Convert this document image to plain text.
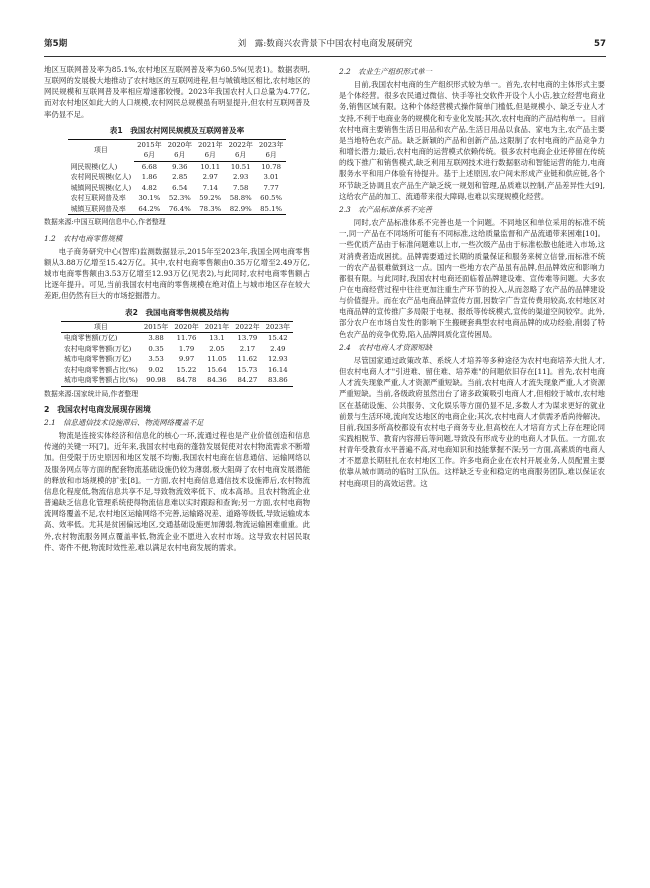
第5期	刘　露:数商兴农背景下中国农村电商发展研究	57

地区互联网普及率为85.1%,农村地区互联网普及率为60.5%(见表1)。数据表明,互联网的发展极大地推动了农村地区的互联网进程,但与城镇地区相比,农村地区的网民规模和互联网普及率相应增速都较慢。2023年我国农村人口总量为4.77亿,而对农村地区如此大的人口规模,农村网民总规模虽有明显提升,但农村互联网普及率仍显不足。

表1　我国农村网民规模及互联网普及率
项目	2015年	2020年	2021年	2022年	2023年
	6月	6月	6月	6月	6月
网民规模(亿人)	6.68	9.36	10.11	10.51	10.78
农村网民规模(亿人)	1.86	2.85	2.97	2.93	3.01
城镇网民规模(亿人)	4.82	6.54	7.14	7.58	7.77
农村互联网普及率	30.1%	52.3%	59.2%	58.8%	60.5%
城镇互联网普及率	64.2%	76.4%	78.3%	82.9%	85.1%
数据来源:中国互联网信息中心,作者整理
1.2　农村电商零售规模

电子商务研究中心(智库)监测数据显示,2015年至2023年,我国全网电商零售额从3.88万亿增至15.42万亿。其中,农村电商零售额由0.35万亿增至2.49万亿,城市电商零售额由3.53万亿增至12.93万亿(见表2),与此同时,农村电商零售额占比逐年提升。可见,当前我国农村电商的零售规模在绝对值上与城市地区存在较大差距,但仍然有巨大的市场挖掘潜力。

表2　我国电商零售规模及结构
项目	2015年	2020年	2021年	2022年	2023年
电商零售额(万亿)	3.88	11.76	13.1	13.79	15.42
农村电商零售额(万亿)	0.35	1.79	2.05	2.17	2.49
城市电商零售额(万亿)	3.53	9.97	11.05	11.62	12.93
农村电商零售额占比(%)	9.02	15.22	15.64	15.73	16.14
城市电商零售额占比(%)	90.98	84.78	84.36	84.27	83.86
数据来源:国家统计局,作者整理
2　我国农村电商发展现存困境
2.1　信息通信技术设施滞后、物流网络覆盖不足

物流是连接实体经济和信息化的核心一环,流通过程也是产业价值创造和信息传递的关键一环[7]。近年来,我国农村电商的蓬勃发展促使对农村物流需求不断增加。但受限于历史原因和地区发展不均衡,我国农村电商在信息通信、运输网络以及服务网点等方面的配套物流基础设施仍较为薄弱,极大阻碍了农村电商发展潜能的释放和市场规模的扩张[8]。一方面,农村电商信息通信技术设施滞后,农村物流信息化程度低,物流信息共享不足,导致物流效率低下、成本高昂。且农村物流企业普遍缺乏信息化管理系统使得物流信息难以实时跟踪和查询;另一方面,农村电商物流网络覆盖不足,农村地区运输网络不完善,运输路况差、道路等级低,导致运输成本高、效率低。尤其是贫困偏远地区,交通基础设施更加薄弱,物流运输困难重重。此外,农村物流服务网点覆盖率低,物流企业不愿进入农村市场。这导致农村居民取件、寄件不便,物流时效性差,难以满足农村电商发展的需求。

2.2　农业生产组织形式单一

目前,我国农村电商的生产组织形式较为单一。首先,农村电商的主体形式主要是个体经营。很多农民通过微信、快手等社交软件开设个人小店,独立经营电商业务,销售区域有限。这种个体经营模式操作简单门槛低,但是规模小、缺乏专业人才支持,不利于电商业务的规模化和专业化发展;其次,农村电商的产品结构单一。目前农村电商主要销售生活日用品和农产品,生活日用品以食品、家电为主,农产品主要是当地特色农产品。缺乏新颖的产品和创新产品,这限制了农村电商的产品竞争力和增长潜力;最后,农村电商的运营模式依赖传统。很多农村电商企业还停留在传统的线下推广和销售模式,缺乏利用互联网技术进行数据驱动和智能运营的能力,电商服务水平和用户体验有待提升。基于上述原因,农户间未形成产业链和供应链,各个环节缺乏协调且农产品生产缺乏统一规划和管理,品质难以控制,产品差异性大[9],这给农产品的加工、流通带来很大障碍,也难以实现规模化经营。

2.3　农产品标准体系不完善

同时,农产品标准体系不完善也是一个问题。不同地区和单位采用的标准不统一,同一产品在不同场所可能有不同标准,这给质量监督和产品流通带来困难[10]。一些优质产品由于标准问题难以上市,一些次级产品由于标准松散也能进入市场,这对消费者造成困扰。品牌需要通过长期的质量保证和服务来树立信誉,而标准不统一的农产品很难做到这一点。国内一些地方农产品虽有品牌,但品牌效应和影响力都很有限。与此同时,我国农村电商还面临着品牌建设难、宣传难等问题。大多农户在电商经营过程中往往更加注重生产环节的投入,从而忽略了农产品的品牌建设与价值提升。而在农产品电商品牌宣传方面,因数字广告宣传费用较高,农村地区对电商品牌的宣传推广多局限于电视、报纸等传统模式,宣传的渠道空间较窄。此外,部分农户在市场自发性的影响下生搬硬套典型农村电商品牌的成功经验,削弱了特色农产品的竞争优势,陷入品牌同质化宣传困局。

2.4　农村电商人才资源短缺

尽管国家通过政策改革、系统人才培养等多种途径为农村电商培养大批人才,但农村电商人才"引进难、留住难、培养难"的问题依旧存在[11]。首先,农村电商人才流失现象严重,人才资源严重短缺。当前,农村电商人才流失现象严重,人才资源严重短缺。当前,各级政府虽然出台了诸多政策吸引电商人才,但相较于城市,农村地区在基础设施、公共服务、文化娱乐等方面仍显不足,多数人才为谋求更好的就业前景与生活环境,流向发达地区的电商企业;其次,农村电商人才供需矛盾尚待解决。目前,我国多所高校都设有农村电子商务专业,但高校在人才培育方式上存在理论同实践相脱节、教育内容滞后等问题,导致没有形成专业的电商人才队伍。一方面,农村青年受教育水平普遍不高,对电商知识和技能掌握不深;另一方面,高素质的电商人才不愿意长期驻扎在农村地区工作。许多电商企业在农村开展业务,人员配置主要依靠从城市调动的临时工队伍。这样缺乏专业和稳定的电商服务团队,难以保证农村电商项目的高效运营。这
